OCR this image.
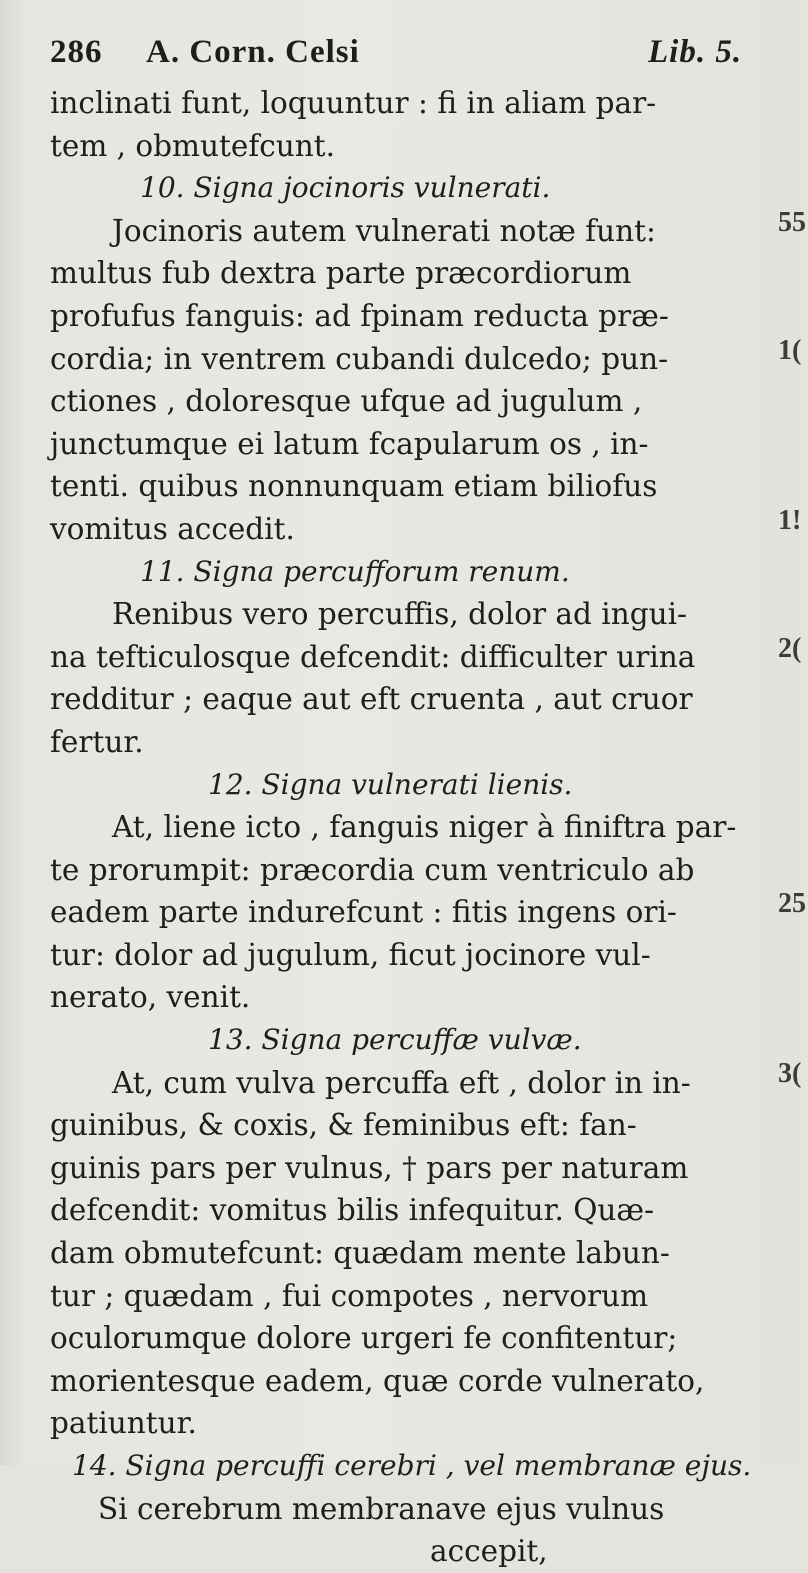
286 A. Corn. Celsi	Lib. 5.
inclinati funt, loquuntur : fi in aliam par-
tem , obmutefcunt.
10. Signa jocinoris vulnerati.
Jocinoris autem vulnerati notæ funt:
multus fub dextra parte præcordiorum
profufus fanguis: ad fpinam reducta præ-
cordia; in ventrem cubandi dulcedo; pun-
ctiones , doloresque ufque ad jugulum ,
junctumque ei latum fcapularum os , in-
tenti. quibus nonnunquam etiam biliofus
vomitus accedit.
11. Signa percufforum renum.
Renibus vero percuffis, dolor ad ingui-
na tefticulosque defcendit: difficulter urina
redditur ; eaque aut eft cruenta , aut cruor
fertur.
12. Signa vulnerati lienis.
At, liene icto , fanguis niger à finiftra par-
te prorumpit: præcordia cum ventriculo ab
eadem parte indurefcunt : fitis ingens ori-
tur: dolor ad jugulum, ficut jocinore vul-
nerato, venit.
13. Signa percuffæ vulvæ.
At, cum vulva percuffa eft , dolor in in-
guinibus, & coxis, & feminibus eft: fan-
guinis pars per vulnus, † pars per naturam
defcendit: vomitus bilis infequitur. Quæ-
dam obmutefcunt: quædam mente labun-
tur ; quædam , fui compotes , nervorum
oculorumque dolore urgeri fe confitentur;
morientesque eadem, quæ corde vulnerato,
patiuntur.
14. Signa percuffi cerebri , vel membranæ ejus.
Si cerebrum membranave ejus vulnus
accepit,
55
1(
1!
2(
25
3(
